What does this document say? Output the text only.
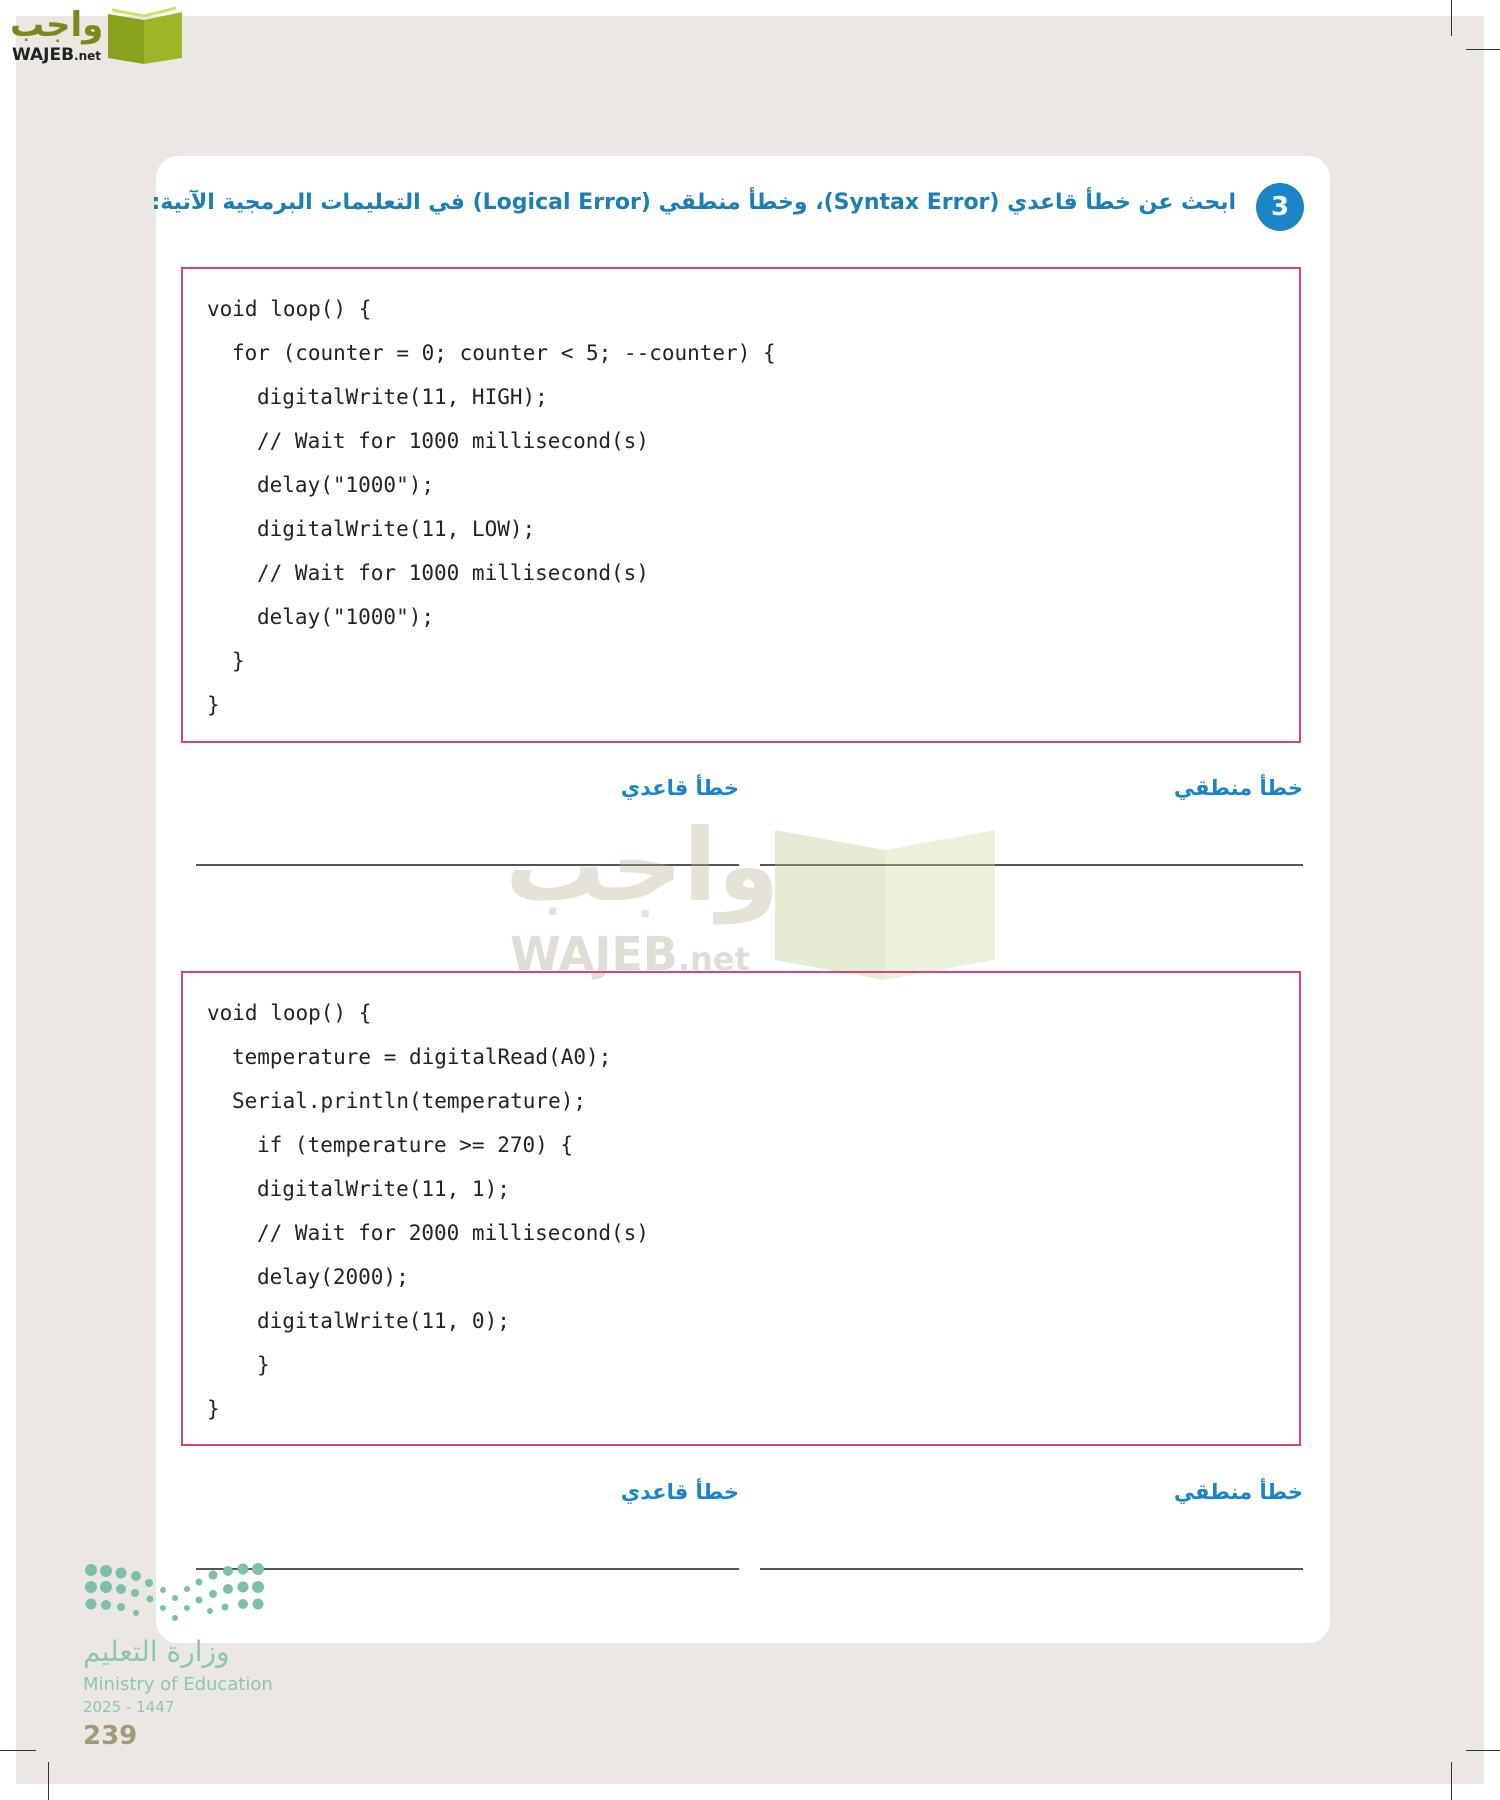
واجب
WAJEB.net
3
ابحث عن خطأ قاعدي (Syntax Error)، وخطأ منطقي (Logical Error) في التعليمات البرمجية الآتية:
void loop() {
for (counter = 0; counter < 5; --counter) {
digitalWrite(11, HIGH);
// Wait for 1000 millisecond(s)
delay("1000");
digitalWrite(11, LOW);
// Wait for 1000 millisecond(s)
delay("1000");
}
}
خطأ قاعدي	خطأ منطقي
واجب
WAJEB.net
void loop() {
temperature = digitalRead(A0);
Serial.println(temperature);
if (temperature >= 270) {
digitalWrite(11, 1);
// Wait for 2000 millisecond(s)
delay(2000);
digitalWrite(11, 0);
}
}
خطأ قاعدي	خطأ منطقي
وزارة التعليم
Ministry of Education
2025 - 1447
239
